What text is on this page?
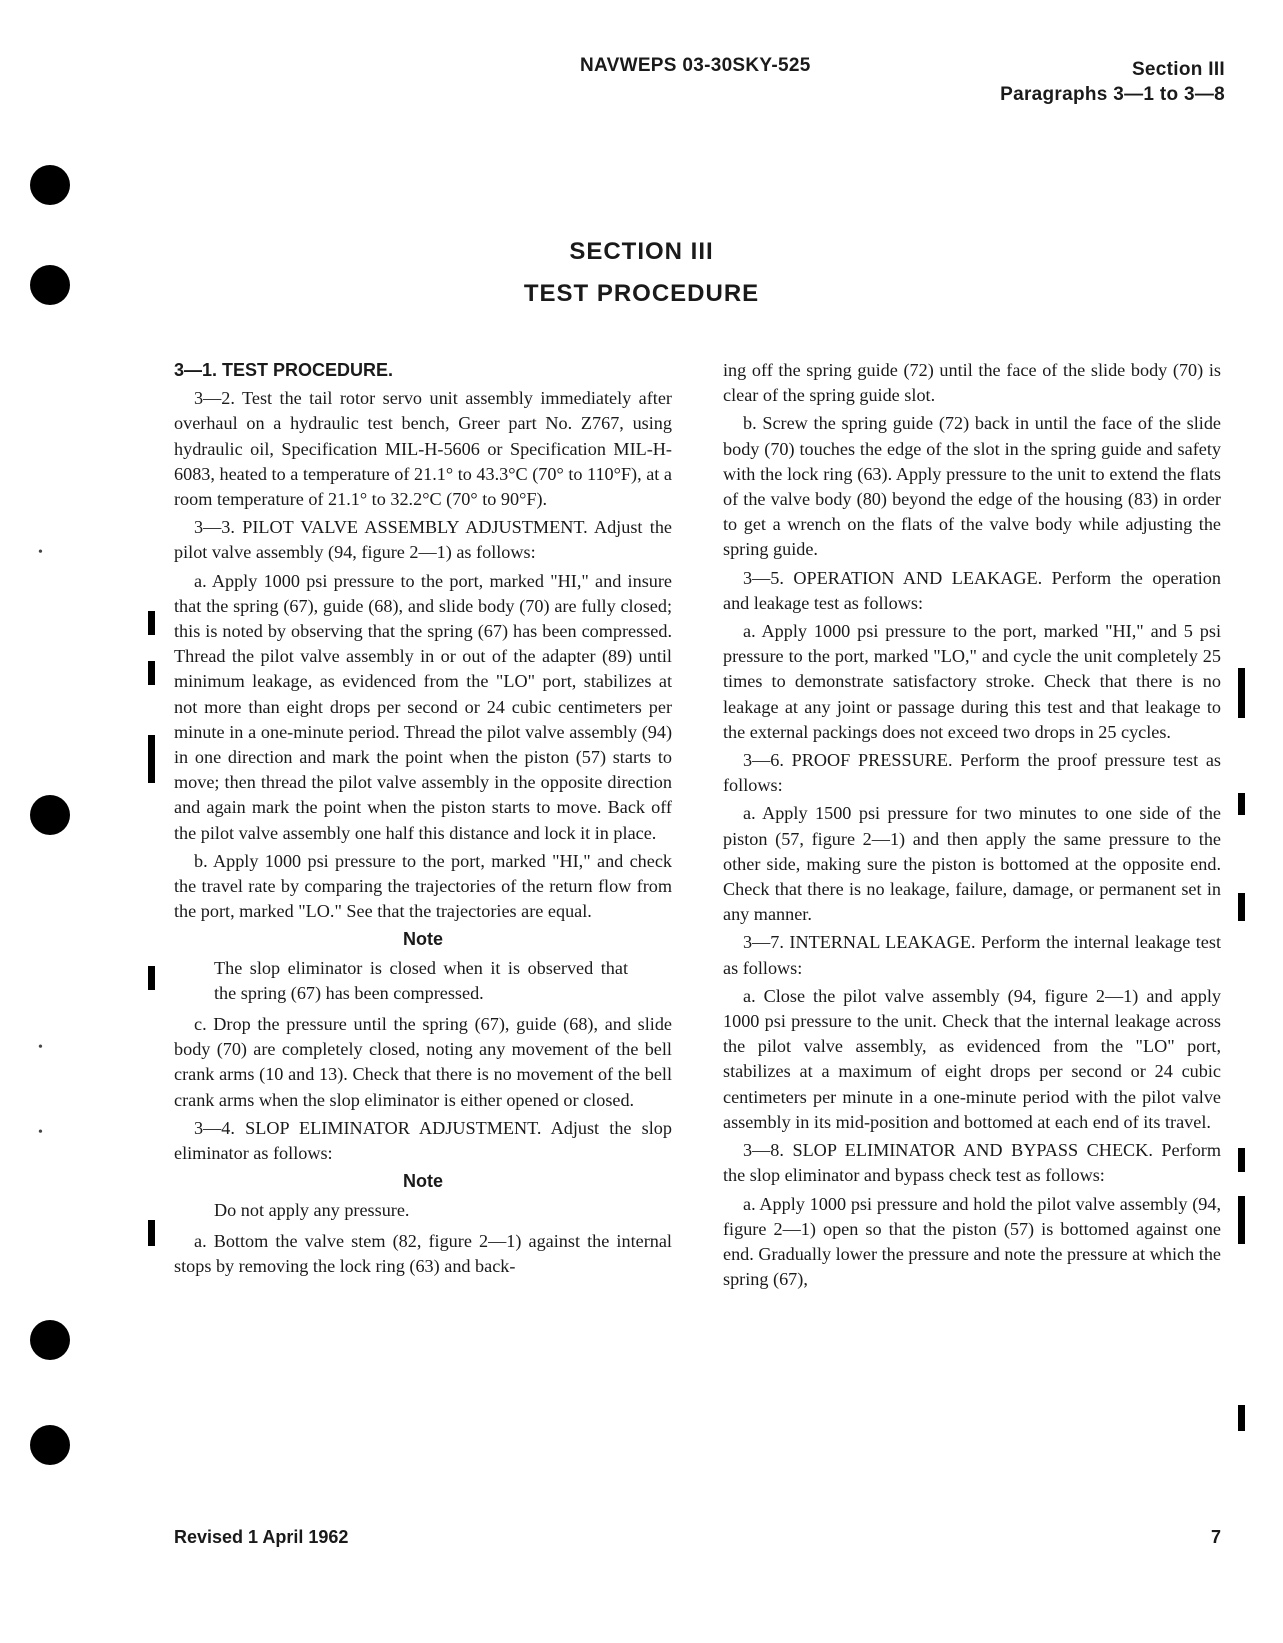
•
•
•
NAVWEPS 03-30SKY-525	Section III
Paragraphs 3—1 to 3—8
SECTION III
TEST PROCEDURE

3—1. TEST PROCEDURE.

3—2. Test the tail rotor servo unit assembly immediately after overhaul on a hydraulic test bench, Greer part No. Z767, using hydraulic oil, Specification MIL-H-5606 or Specification MIL-H-6083, heated to a temperature of 21.1° to 43.3°C (70° to 110°F), at a room temperature of 21.1° to 32.2°C (70° to 90°F).

3—3. PILOT VALVE ASSEMBLY ADJUSTMENT. Adjust the pilot valve assembly (94, figure 2—1) as follows:

a. Apply 1000 psi pressure to the port, marked "HI," and insure that the spring (67), guide (68), and slide body (70) are fully closed; this is noted by observing that the spring (67) has been compressed. Thread the pilot valve assembly in or out of the adapter (89) until minimum leakage, as evidenced from the "LO" port, stabilizes at not more than eight drops per second or 24 cubic centimeters per minute in a one-minute period. Thread the pilot valve assembly (94) in one direction and mark the point when the piston (57) starts to move; then thread the pilot valve assembly in the opposite direction and again mark the point when the piston starts to move. Back off the pilot valve assembly one half this distance and lock it in place.

b. Apply 1000 psi pressure to the port, marked "HI," and check the travel rate by comparing the trajectories of the return flow from the port, marked "LO." See that the trajectories are equal.

Note

The slop eliminator is closed when it is observed that the spring (67) has been compressed.

c. Drop the pressure until the spring (67), guide (68), and slide body (70) are completely closed, noting any movement of the bell crank arms (10 and 13). Check that there is no movement of the bell crank arms when the slop eliminator is either opened or closed.

3—4. SLOP ELIMINATOR ADJUSTMENT. Adjust the slop eliminator as follows:

Note

Do not apply any pressure.

a. Bottom the valve stem (82, figure 2—1) against the internal stops by removing the lock ring (63) and back-

ing off the spring guide (72) until the face of the slide body (70) is clear of the spring guide slot.

b. Screw the spring guide (72) back in until the face of the slide body (70) touches the edge of the slot in the spring guide and safety with the lock ring (63). Apply pressure to the unit to extend the flats of the valve body (80) beyond the edge of the housing (83) in order to get a wrench on the flats of the valve body while adjusting the spring guide.

3—5. OPERATION AND LEAKAGE. Perform the operation and leakage test as follows:

a. Apply 1000 psi pressure to the port, marked "HI," and 5 psi pressure to the port, marked "LO," and cycle the unit completely 25 times to demonstrate satisfactory stroke. Check that there is no leakage at any joint or passage during this test and that leakage to the external packings does not exceed two drops in 25 cycles.

3—6. PROOF PRESSURE. Perform the proof pressure test as follows:

a. Apply 1500 psi pressure for two minutes to one side of the piston (57, figure 2—1) and then apply the same pressure to the other side, making sure the piston is bottomed at the opposite end. Check that there is no leakage, failure, damage, or permanent set in any manner.

3—7. INTERNAL LEAKAGE. Perform the internal leakage test as follows:

a. Close the pilot valve assembly (94, figure 2—1) and apply 1000 psi pressure to the unit. Check that the internal leakage across the pilot valve assembly, as evidenced from the "LO" port, stabilizes at a maximum of eight drops per second or 24 cubic centimeters per minute in a one-minute period with the pilot valve assembly in its mid-position and bottomed at each end of its travel.

3—8. SLOP ELIMINATOR AND BYPASS CHECK. Perform the slop eliminator and bypass check test as follows:

a. Apply 1000 psi pressure and hold the pilot valve assembly (94, figure 2—1) open so that the piston (57) is bottomed against one end. Gradually lower the pressure and note the pressure at which the spring (67),

Revised 1 April 1962	7
